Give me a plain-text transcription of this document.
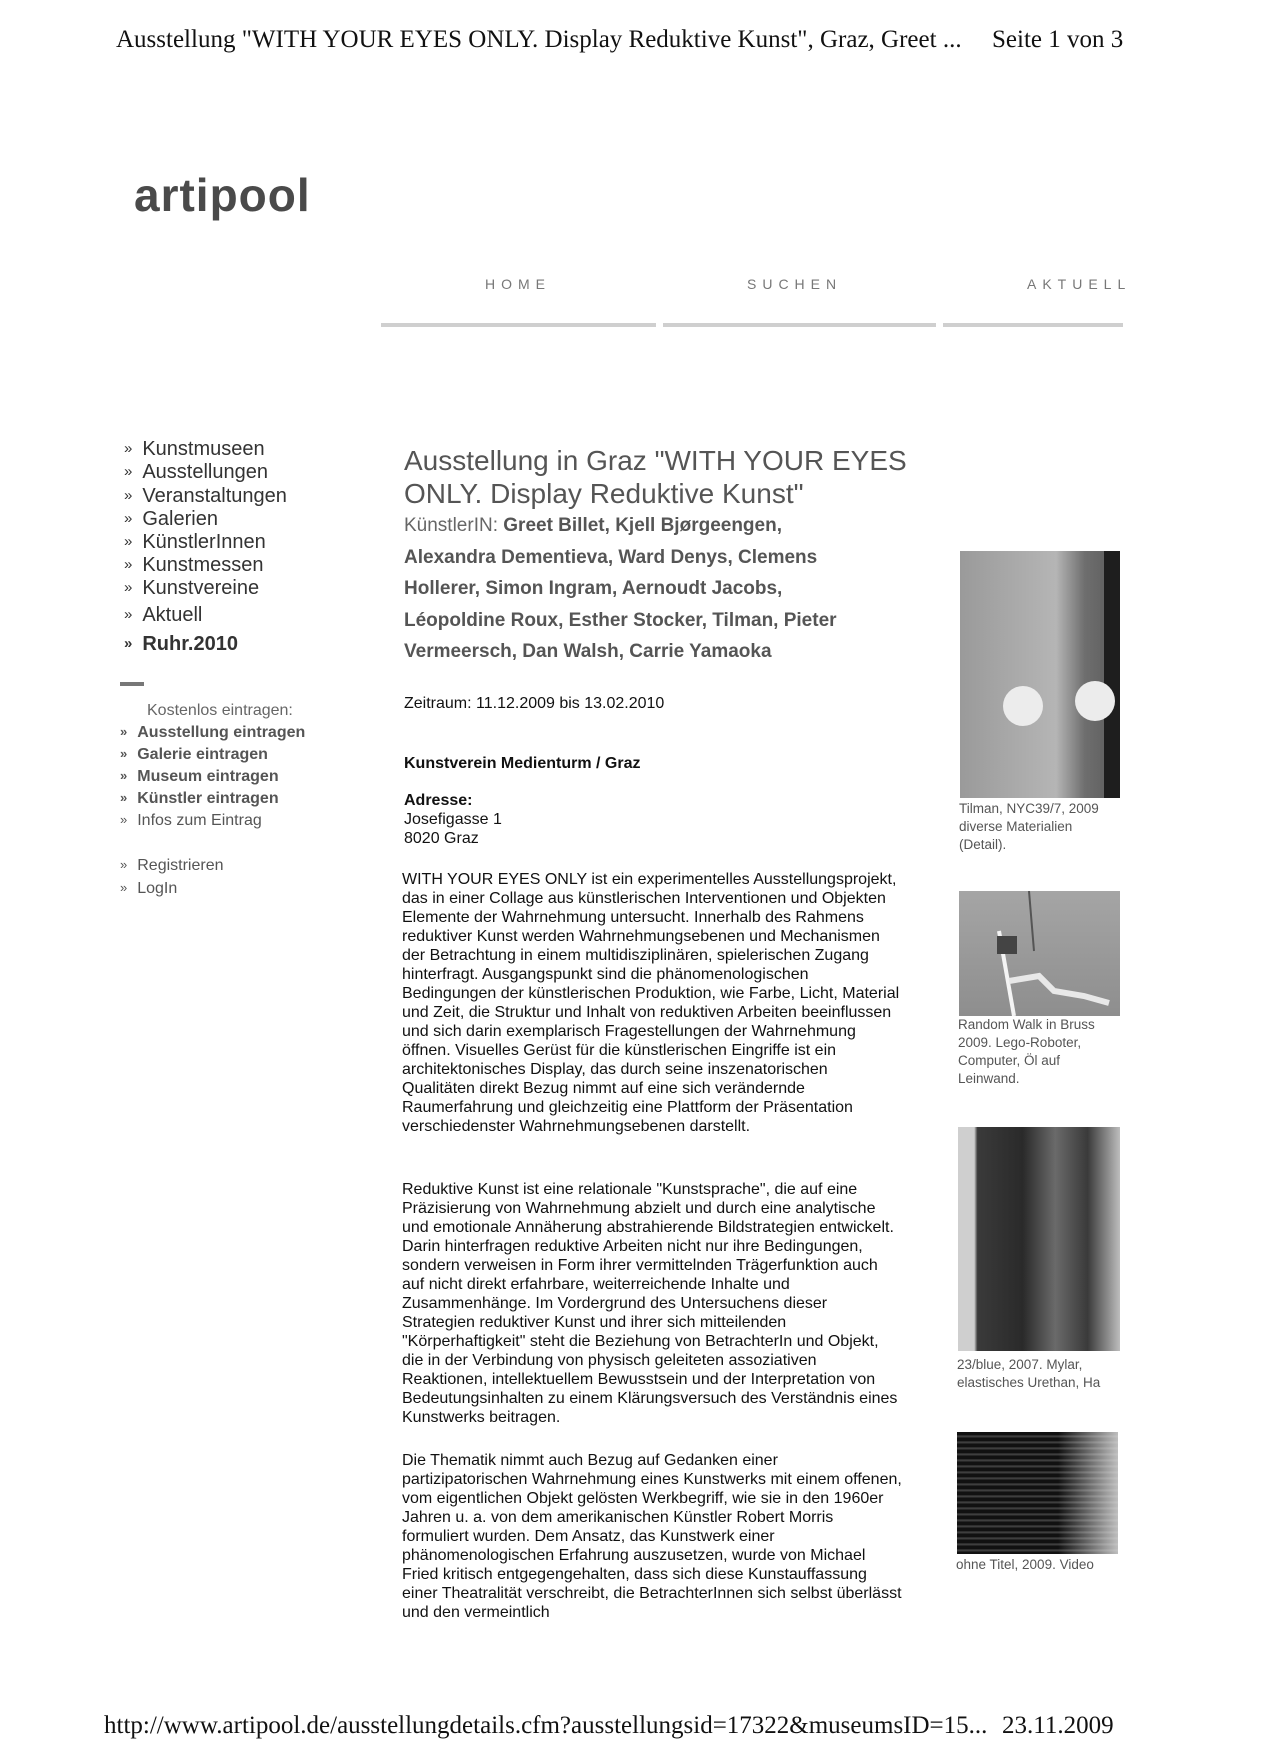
Ausstellung "WITH YOUR EYES ONLY. Display Reduktive Kunst", Graz, Greet ... Seite 1 von 3
artipool
HOME	SUCHEN	AKTUELL
» Kunstmuseen
» Ausstellungen
» Veranstaltungen
» Galerien
» KünstlerInnen
» Kunstmessen
» Kunstvereine
» Aktuell
» Ruhr.2010
Kostenlos eintragen:
» Ausstellung eintragen
» Galerie eintragen
» Museum eintragen
» Künstler eintragen
» Infos zum Eintrag
» Registrieren
» LogIn
Ausstellung in Graz "WITH YOUR EYES ONLY. Display Reduktive Kunst"
KünstlerIN: Greet Billet, Kjell Bjørgeengen, Alexandra Dementieva, Ward Denys, Clemens Hollerer, Simon Ingram, Aernoudt Jacobs, Léopoldine Roux, Esther Stocker, Tilman, Pieter Vermeersch, Dan Walsh, Carrie Yamaoka
Zeitraum: 11.12.2009 bis 13.02.2010
Kunstverein Medienturm / Graz
Adresse:
Josefigasse 1
8020 Graz
WITH YOUR EYES ONLY ist ein experimentelles Ausstellungsprojekt, das in einer Collage aus künstlerischen Interventionen und Objekten Elemente der Wahrnehmung untersucht. Innerhalb des Rahmens reduktiver Kunst werden Wahrnehmungsebenen und Mechanismen der Betrachtung in einem multidisziplinären, spielerischen Zugang hinterfragt. Ausgangspunkt sind die phänomenologischen Bedingungen der künstlerischen Produktion, wie Farbe, Licht, Material und Zeit, die Struktur und Inhalt von reduktiven Arbeiten beeinflussen und sich darin exemplarisch Fragestellungen der Wahrnehmung öffnen. Visuelles Gerüst für die künstlerischen Eingriffe ist ein architektonisches Display, das durch seine inszenatorischen Qualitäten direkt Bezug nimmt auf eine sich verändernde Raumerfahrung und gleichzeitig eine Plattform der Präsentation verschiedenster Wahrnehmungsebenen darstellt.
Reduktive Kunst ist eine relationale "Kunstsprache", die auf eine Präzisierung von Wahrnehmung abzielt und durch eine analytische und emotionale Annäherung abstrahierende Bildstrategien entwickelt. Darin hinterfragen reduktive Arbeiten nicht nur ihre Bedingungen, sondern verweisen in Form ihrer vermittelnden Trägerfunktion auch auf nicht direkt erfahrbare, weiterreichende Inhalte und Zusammenhänge. Im Vordergrund des Untersuchens dieser Strategien reduktiver Kunst und ihrer sich mitteilenden "Körperhaftigkeit" steht die Beziehung von BetrachterIn und Objekt, die in der Verbindung von physisch geleiteten assoziativen Reaktionen, intellektuellem Bewusstsein und der Interpretation von Bedeutungsinhalten zu einem Klärungsversuch des Verständnis eines Kunstwerks beitragen.
Die Thematik nimmt auch Bezug auf Gedanken einer partizipatorischen Wahrnehmung eines Kunstwerks mit einem offenen, vom eigentlichen Objekt gelösten Werkbegriff, wie sie in den 1960er Jahren u. a. von dem amerikanischen Künstler Robert Morris formuliert wurden. Dem Ansatz, das Kunstwerk einer phänomenologischen Erfahrung auszusetzen, wurde von Michael Fried kritisch entgegengehalten, dass sich diese Kunstauffassung einer Theatralität verschreibt, die BetrachterInnen sich selbst überlässt und den vermeintlich
Tilman, NYC39/7, 2009
diverse Materialien
(Detail).
Random Walk in Bruss
2009. Lego-Roboter,
Computer, Öl auf
Leinwand.
23/blue, 2007. Mylar,
elastisches Urethan, Ha
ohne Titel, 2009. Video
http://www.artipool.de/ausstellungdetails.cfm?ausstellungsid=17322&museumsID=15... 23.11.2009
